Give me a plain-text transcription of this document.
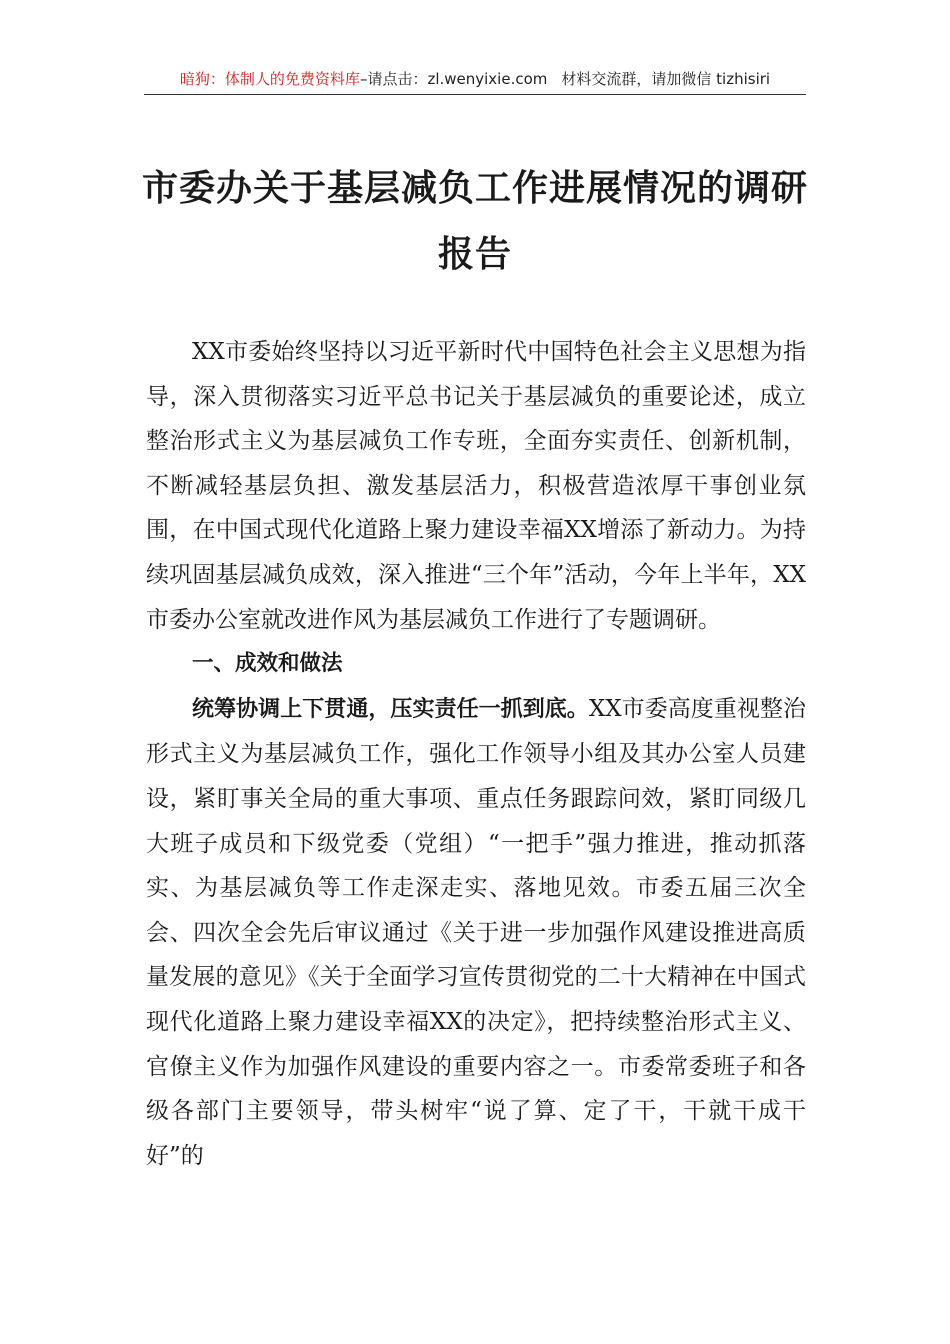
暗狗：体制人的免费资料库–请点击：zl.wenyixie.com 材料交流群，请加微信 tizhisiri
市委办关于基层减负工作进展情况的调研
报告

XX市委始终坚持以习近平新时代中国特色社会主义思想为指导，深入贯彻落实习近平总书记关于基层减负的重要论述，成立整治形式主义为基层减负工作专班，全面夯实责任、创新机制，不断减轻基层负担、激发基层活力，积极营造浓厚干事创业氛围，在中国式现代化道路上聚力建设幸福XX增添了新动力。为持续巩固基层减负成效，深入推进“三个年”活动，今年上半年，XX市委办公室就改进作风为基层减负工作进行了专题调研。

一、成效和做法

统筹协调上下贯通，压实责任一抓到底。XX市委高度重视整治形式主义为基层减负工作，强化工作领导小组及其办公室人员建设，紧盯事关全局的重大事项、重点任务跟踪问效，紧盯同级几大班子成员和下级党委（党组）“一把手”强力推进，推动抓落实、为基层减负等工作走深走实、落地见效。市委五届三次全会、四次全会先后审议通过《关于进一步加强作风建设推进高质量发展的意见》《关于全面学习宣传贯彻党的二十大精神在中国式现代化道路上聚力建设幸福XX的决定》，把持续整治形式主义、官僚主义作为加强作风建设的重要内容之一。市委常委班子和各级各部门主要领导，带头树牢“说了算、定了干，干就干成干好”的
